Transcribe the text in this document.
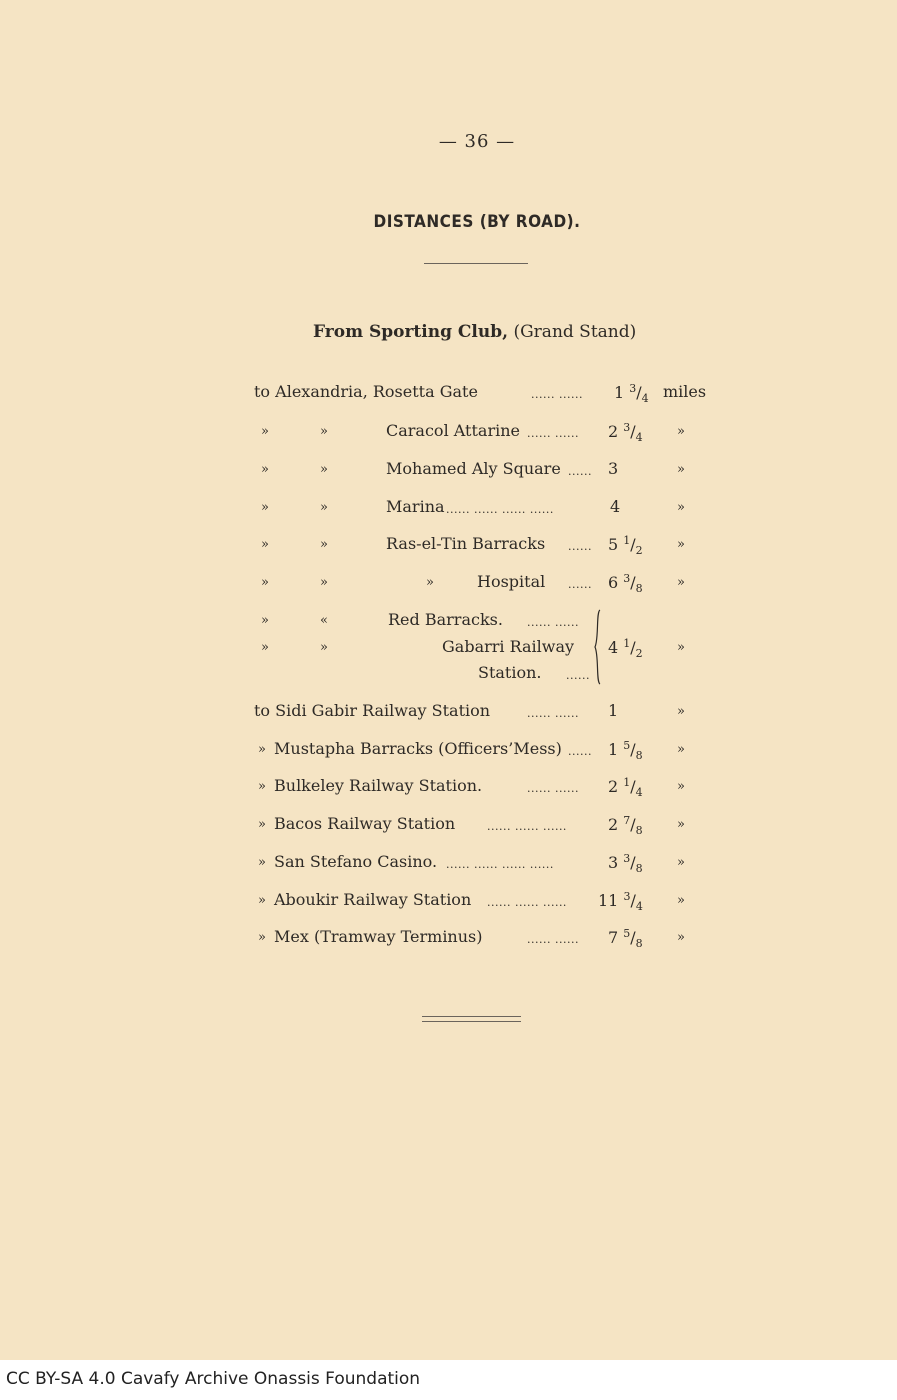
— 36 —
DISTANCES (BY ROAD).
From Sporting Club, (Grand Stand)
to Alexandria, Rosetta Gate	...... ...... 1 $^3/_4$ miles
»	»	Caracol Attarine ...... ...... 2 $^3/_4$	»
»	»	Mohamed Aly Square ...... 3	»
»	»	Marina ...... ...... ...... ......	4	»
»	»	Ras-el-Tin Barracks ...... 5 $^1/_2$	»
»	»	»	Hospital ...... 6 $^3/_8$	»
»	«	Red Barracks. ...... ......
»	»	Gabarri Railway 4 $^1/_2$	»
Station. ......
to Sidi Gabir Railway Station	...... ...... 1	»
» Mustapha Barracks (Officers’Mess) ...... 1 $^5/_8$	»
» Bulkeley Railway Station.	...... ...... 2 $^1/_4$	»
» Bacos Railway Station	...... ...... ......	2 $^7/_8$	»
» San Stefano Casino. ...... ...... ...... ......	3 $^3/_8$	»
» Aboukir Railway Station ...... ...... ...... 11 $^3/_4$	»
» Mex (Tramway Terminus)	...... ...... 7 $^5/_8$	»
CC BY-SA 4.0 Cavafy Archive Onassis Foundation
